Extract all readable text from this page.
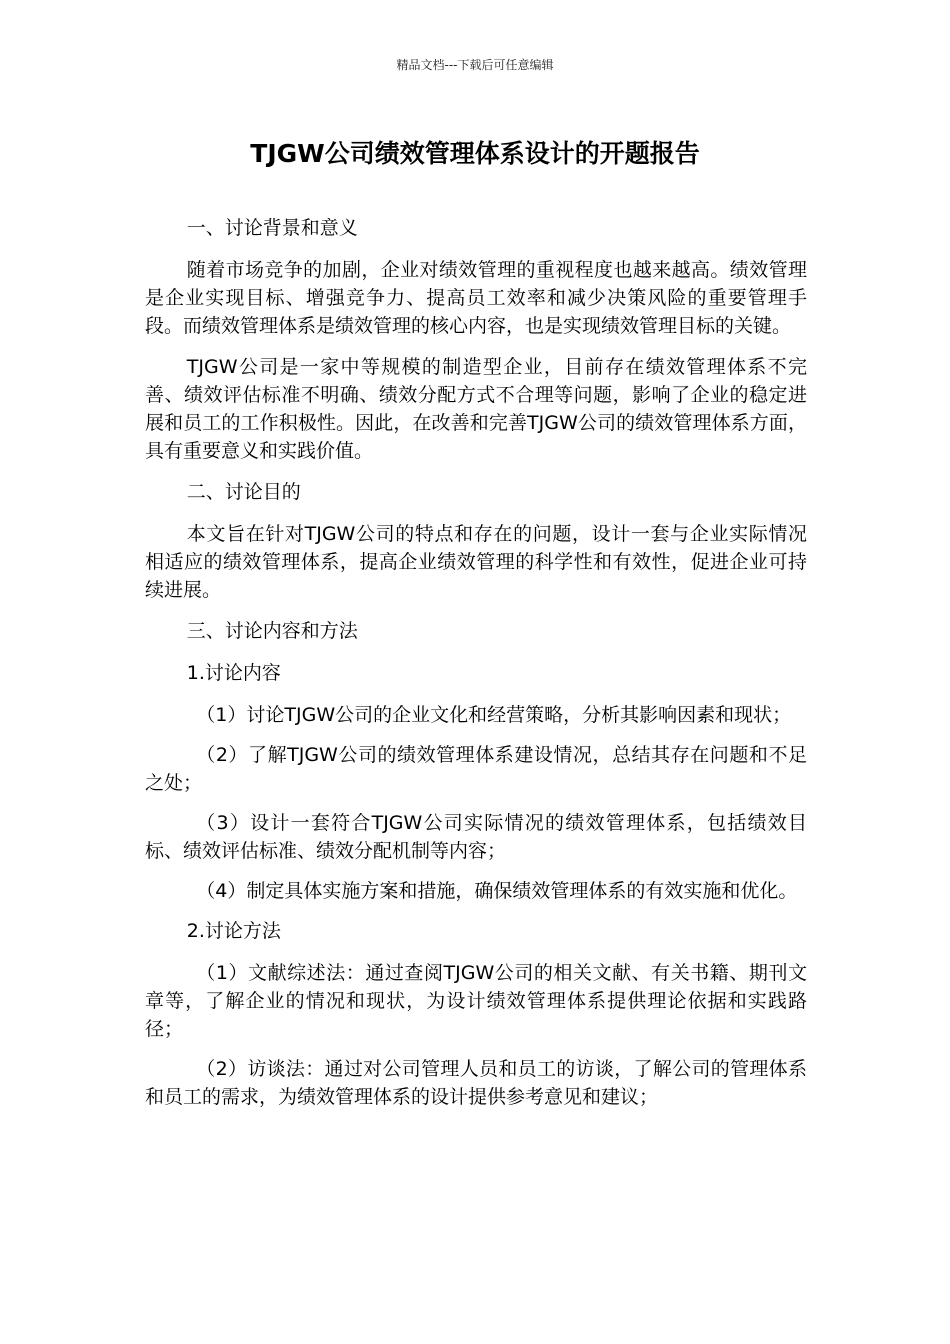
精品文档---下载后可任意编辑
TJGW公司绩效管理体系设计的开题报告

一、讨论背景和意义

随着市场竞争的加剧，企业对绩效管理的重视程度也越来越高。绩效管理是企业实现目标、增强竞争力、提高员工效率和减少决策风险的重要管理手段。而绩效管理体系是绩效管理的核心内容，也是实现绩效管理目标的关键。

TJGW公司是一家中等规模的制造型企业，目前存在绩效管理体系不完善、绩效评估标准不明确、绩效分配方式不合理等问题，影响了企业的稳定进展和员工的工作积极性。因此，在改善和完善TJGW公司的绩效管理体系方面，具有重要意义和实践价值。

二、讨论目的

本文旨在针对TJGW公司的特点和存在的问题，设计一套与企业实际情况相适应的绩效管理体系，提高企业绩效管理的科学性和有效性，促进企业可持续进展。

三、讨论内容和方法

1.讨论内容

（1）讨论TJGW公司的企业文化和经营策略，分析其影响因素和现状；

（2）了解TJGW公司的绩效管理体系建设情况，总结其存在问题和不足之处；

（3）设计一套符合TJGW公司实际情况的绩效管理体系，包括绩效目标、绩效评估标准、绩效分配机制等内容；

（4）制定具体实施方案和措施，确保绩效管理体系的有效实施和优化。

2.讨论方法

（1）文献综述法：通过查阅TJGW公司的相关文献、有关书籍、期刊文章等，了解企业的情况和现状，为设计绩效管理体系提供理论依据和实践路径；

（2）访谈法：通过对公司管理人员和员工的访谈，了解公司的管理体系和员工的需求，为绩效管理体系的设计提供参考意见和建议；
